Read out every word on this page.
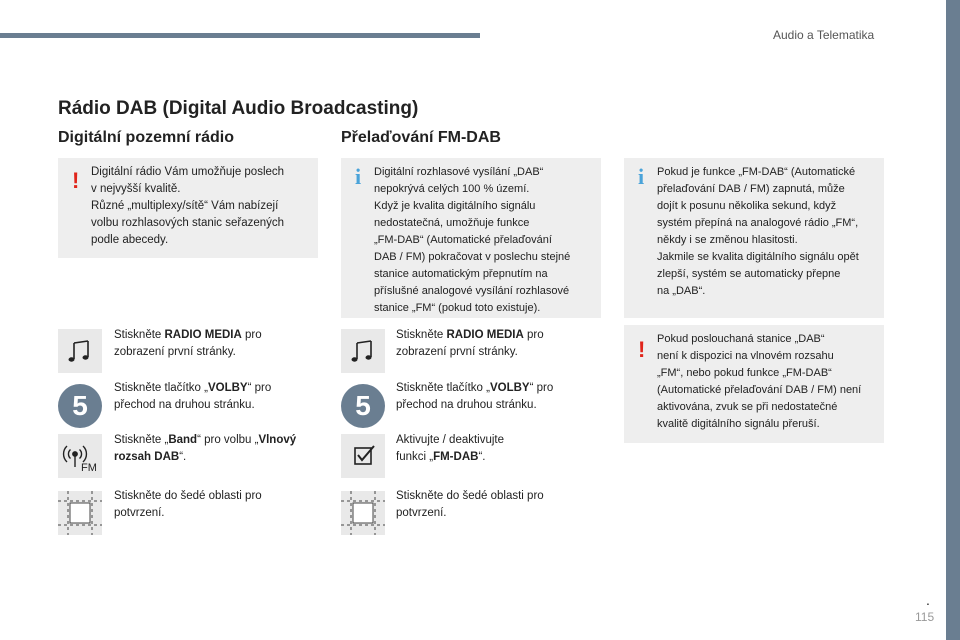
Audio a Telematika
.
115
Rádio DAB (Digital Audio Broadcasting)
Digitální pozemní rádio	Přelaďování FM-DAB
! Digitální rádio Vám umožňuje poslech
v nejvyšší kvalitě.
Různé „multiplexy/sítě“ Vám nabízejí
volbu rozhlasových stanic seřazených
podle abecedy.
i Digitální rozhlasové vysílání „DAB“
nepokrývá celých 100 % území.
Když je kvalita digitálního signálu
nedostatečná, umožňuje funkce
„FM-DAB“ (Automatické přelaďování
DAB / FM) pokračovat v poslechu stejné
stanice automatickým přepnutím na
příslušné analogové vysílání rozhlasové
stanice „FM“ (pokud toto existuje).
i Pokud je funkce „FM-DAB“ (Automatické
přelaďování DAB / FM) zapnutá, může
dojít k posunu několika sekund, když
systém přepíná na analogové rádio „FM“,
někdy i se změnou hlasitosti.
Jakmile se kvalita digitálního signálu opět
zlepší, systém se automaticky přepne
na „DAB“.
! Pokud poslouchaná stanice „DAB“
není k dispozici na vlnovém rozsahu
„FM“, nebo pokud funkce „FM-DAB“
(Automatické přelaďování DAB / FM) není
aktivována, zvuk se při nedostatečné
kvalitě digitálního signálu přeruší.
Stiskněte RADIO MEDIA pro zobrazení první stránky.
5
Stiskněte tlačítko „VOLBY“ pro přechod na druhou stránku.
FM
Stiskněte „Band“ pro volbu „Vlnový rozsah DAB“.
Stiskněte do šedé oblasti pro potvrzení.
Stiskněte RADIO MEDIA pro zobrazení první stránky.
5
Stiskněte tlačítko „VOLBY“ pro přechod na druhou stránku.
Aktivujte / deaktivujte funkci „FM-DAB“.
Stiskněte do šedé oblasti pro potvrzení.
